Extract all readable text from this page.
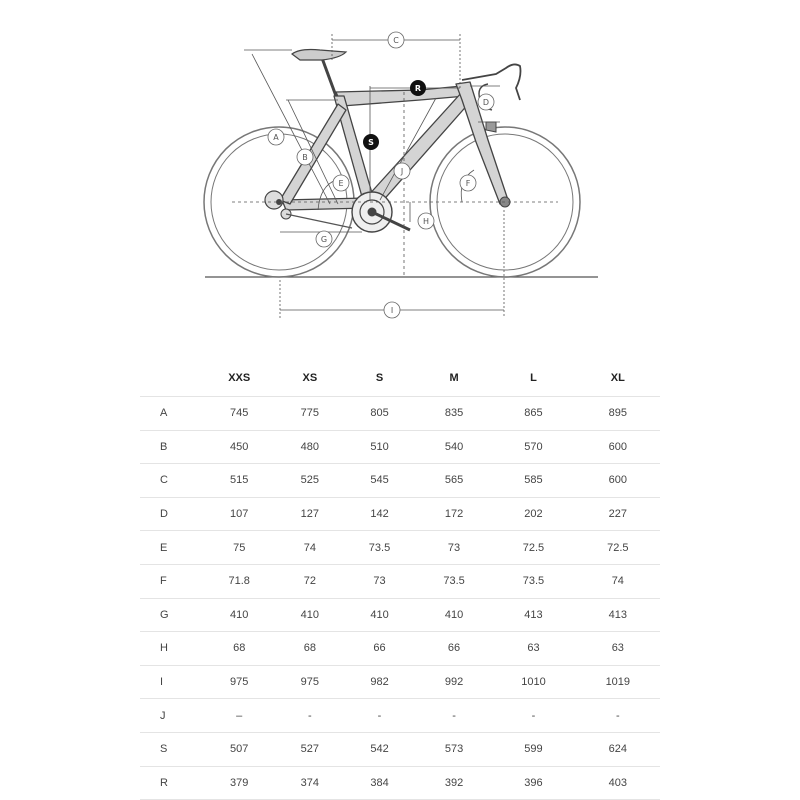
C
A
B
E
J
D
F
G
H
I
S
R
	XXS	XS	S	M	L	XL
A	745	775	805	835	865	895
B	450	480	510	540	570	600
C	515	525	545	565	585	600
D	107	127	142	172	202	227
E	75	74	73.5	73	72.5	72.5
F	71.8	72	73	73.5	73.5	74
G	410	410	410	410	413	413
H	68	68	66	66	63	63
I	975	975	982	992	1010	1019
J	–	-	-	-	-	-
S	507	527	542	573	599	624
R	379	374	384	392	396	403
